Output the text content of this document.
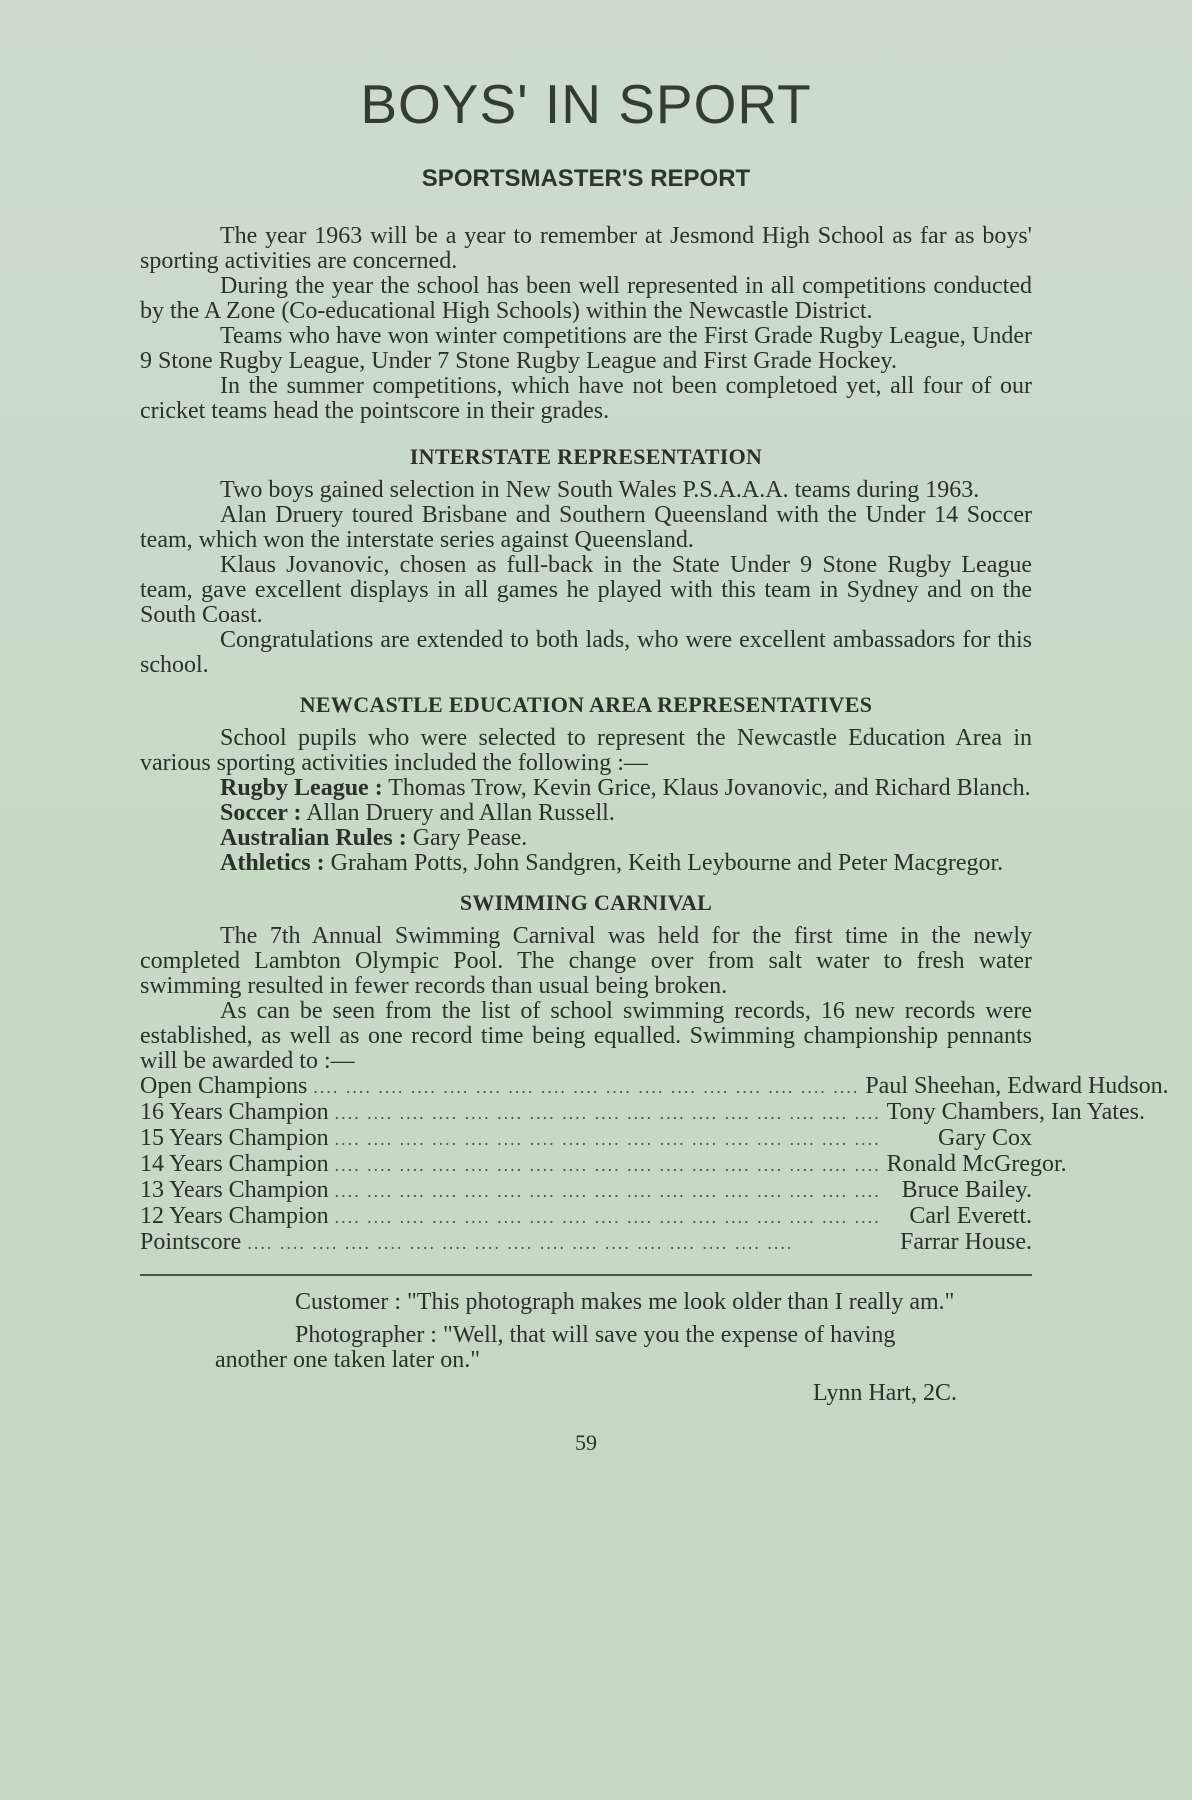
BOYS' IN SPORT
SPORTSMASTER'S REPORT

The year 1963 will be a year to remember at Jesmond High School as far as boys' sporting activities are concerned.

During the year the school has been well represented in all competitions conducted by the A Zone (Co-educational High Schools) within the Newcastle District.

Teams who have won winter competitions are the First Grade Rugby League, Under 9 Stone Rugby League, Under 7 Stone Rugby League and First Grade Hockey.

In the summer competitions, which have not been completoed yet, all four of our cricket teams head the pointscore in their grades.

INTERSTATE REPRESENTATION

Two boys gained selection in New South Wales P.S.A.A.A. teams during 1963.

Alan Druery toured Brisbane and Southern Queensland with the Under 14 Soccer team, which won the interstate series against Queensland.

Klaus Jovanovic, chosen as full-back in the State Under 9 Stone Rugby League team, gave excellent displays in all games he played with this team in Sydney and on the South Coast.

Congratulations are extended to both lads, who were excellent ambassadors for this school.

NEWCASTLE EDUCATION AREA REPRESENTATIVES

School pupils who were selected to represent the Newcastle Education Area in various sporting activities included the following :—

Rugby League : Thomas Trow, Kevin Grice, Klaus Jovanovic, and Richard Blanch.

Soccer : Allan Druery and Allan Russell.

Australian Rules : Gary Pease.

Athletics : Graham Potts, John Sandgren, Keith Leybourne and Peter Macgregor.

SWIMMING CARNIVAL

The 7th Annual Swimming Carnival was held for the first time in the newly completed Lambton Olympic Pool. The change over from salt water to fresh water swimming resulted in fewer records than usual being broken.

As can be seen from the list of school swimming records, 16 new records were established, as well as one record time being equalled. Swimming championship pennants will be awarded to :—

Open Champions .... .... .... .... .... .... .... .... .... .... .... .... .... .... .... .... .... Paul Sheehan, Edward Hudson.
16 Years Champion .... .... .... .... .... .... .... .... .... .... .... .... .... .... .... .... .... Tony Chambers, Ian Yates.
15 Years Champion .... .... .... .... .... .... .... .... .... .... .... .... .... .... .... .... ....	Gary Cox
14 Years Champion .... .... .... .... .... .... .... .... .... .... .... .... .... .... .... .... .... Ronald McGregor.
13 Years Champion .... .... .... .... .... .... .... .... .... .... .... .... .... .... .... .... .... Bruce Bailey.
12 Years Champion .... .... .... .... .... .... .... .... .... .... .... .... .... .... .... .... ....	Carl Everett.
Pointscore .... .... .... .... .... .... .... .... .... .... .... .... .... .... .... .... ....	Farrar House.

Customer : "This photograph makes me look older than I really am."

Photographer : "Well, that will save you the expense of having another one taken later on."

Lynn Hart, 2C.
59
